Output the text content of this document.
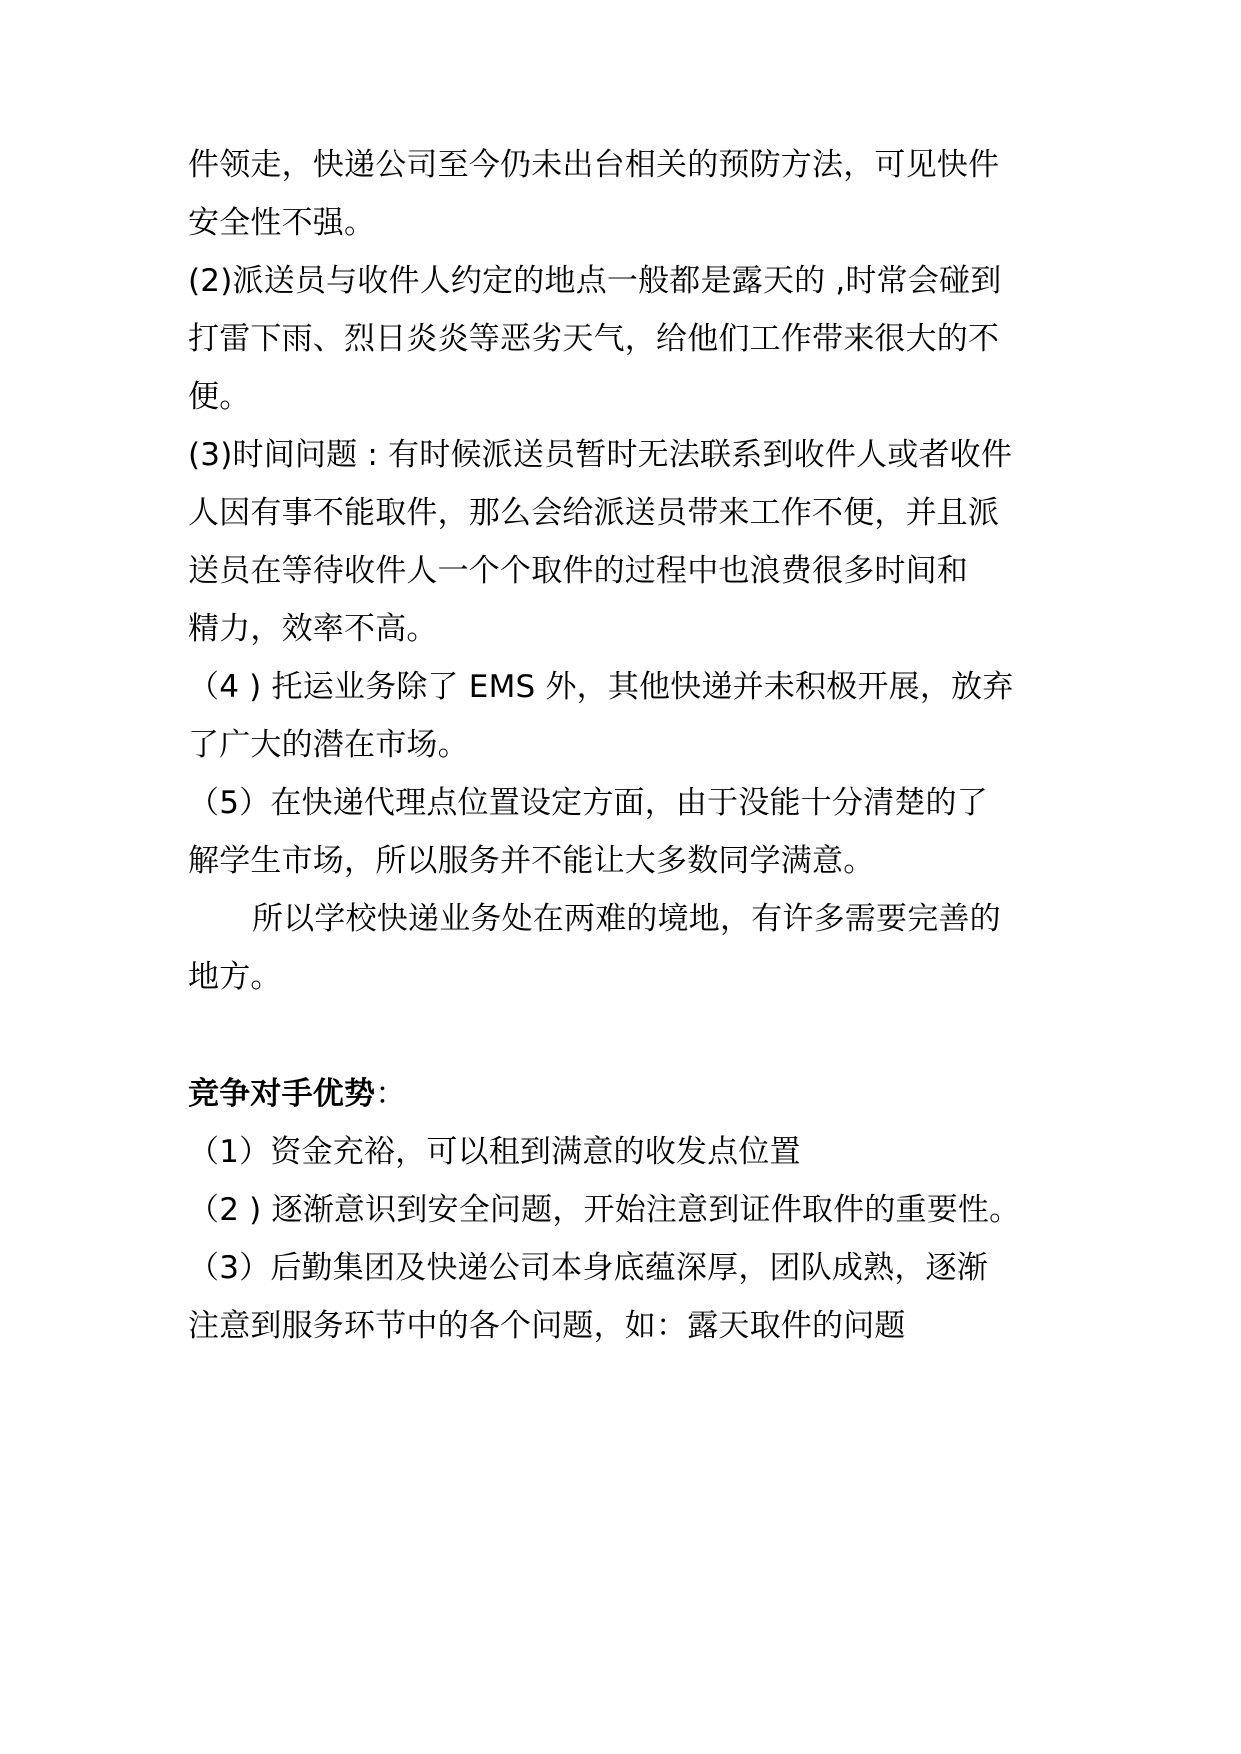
件领走，快递公司至今仍未出台相关的预防方法，可见快件
安全性不强。
(2)派送员与收件人约定的地点一般都是露天的 ,时常会碰到
打雷下雨、烈日炎炎等恶劣天气，给他们工作带来很大的不
便。
(3)时间问题 : 有时候派送员暂时无法联系到收件人或者收件
人因有事不能取件，那么会给派送员带来工作不便，并且派
送员在等待收件人一个个取件的过程中也浪费很多时间和
精力，效率不高。
（4 ) 托运业务除了 EMS 外，其他快递并未积极开展，放弃
了广大的潜在市场。
（5）在快递代理点位置设定方面，由于没能十分清楚的了
解学生市场，所以服务并不能让大多数同学满意。
所以学校快递业务处在两难的境地，有许多需要完善的
地方。
竞争对手优势：
（1）资金充裕，可以租到满意的收发点位置
（2 ) 逐渐意识到安全问题，开始注意到证件取件的重要性。
（3）后勤集团及快递公司本身底蕴深厚，团队成熟，逐渐
注意到服务环节中的各个问题，如：露天取件的问题
